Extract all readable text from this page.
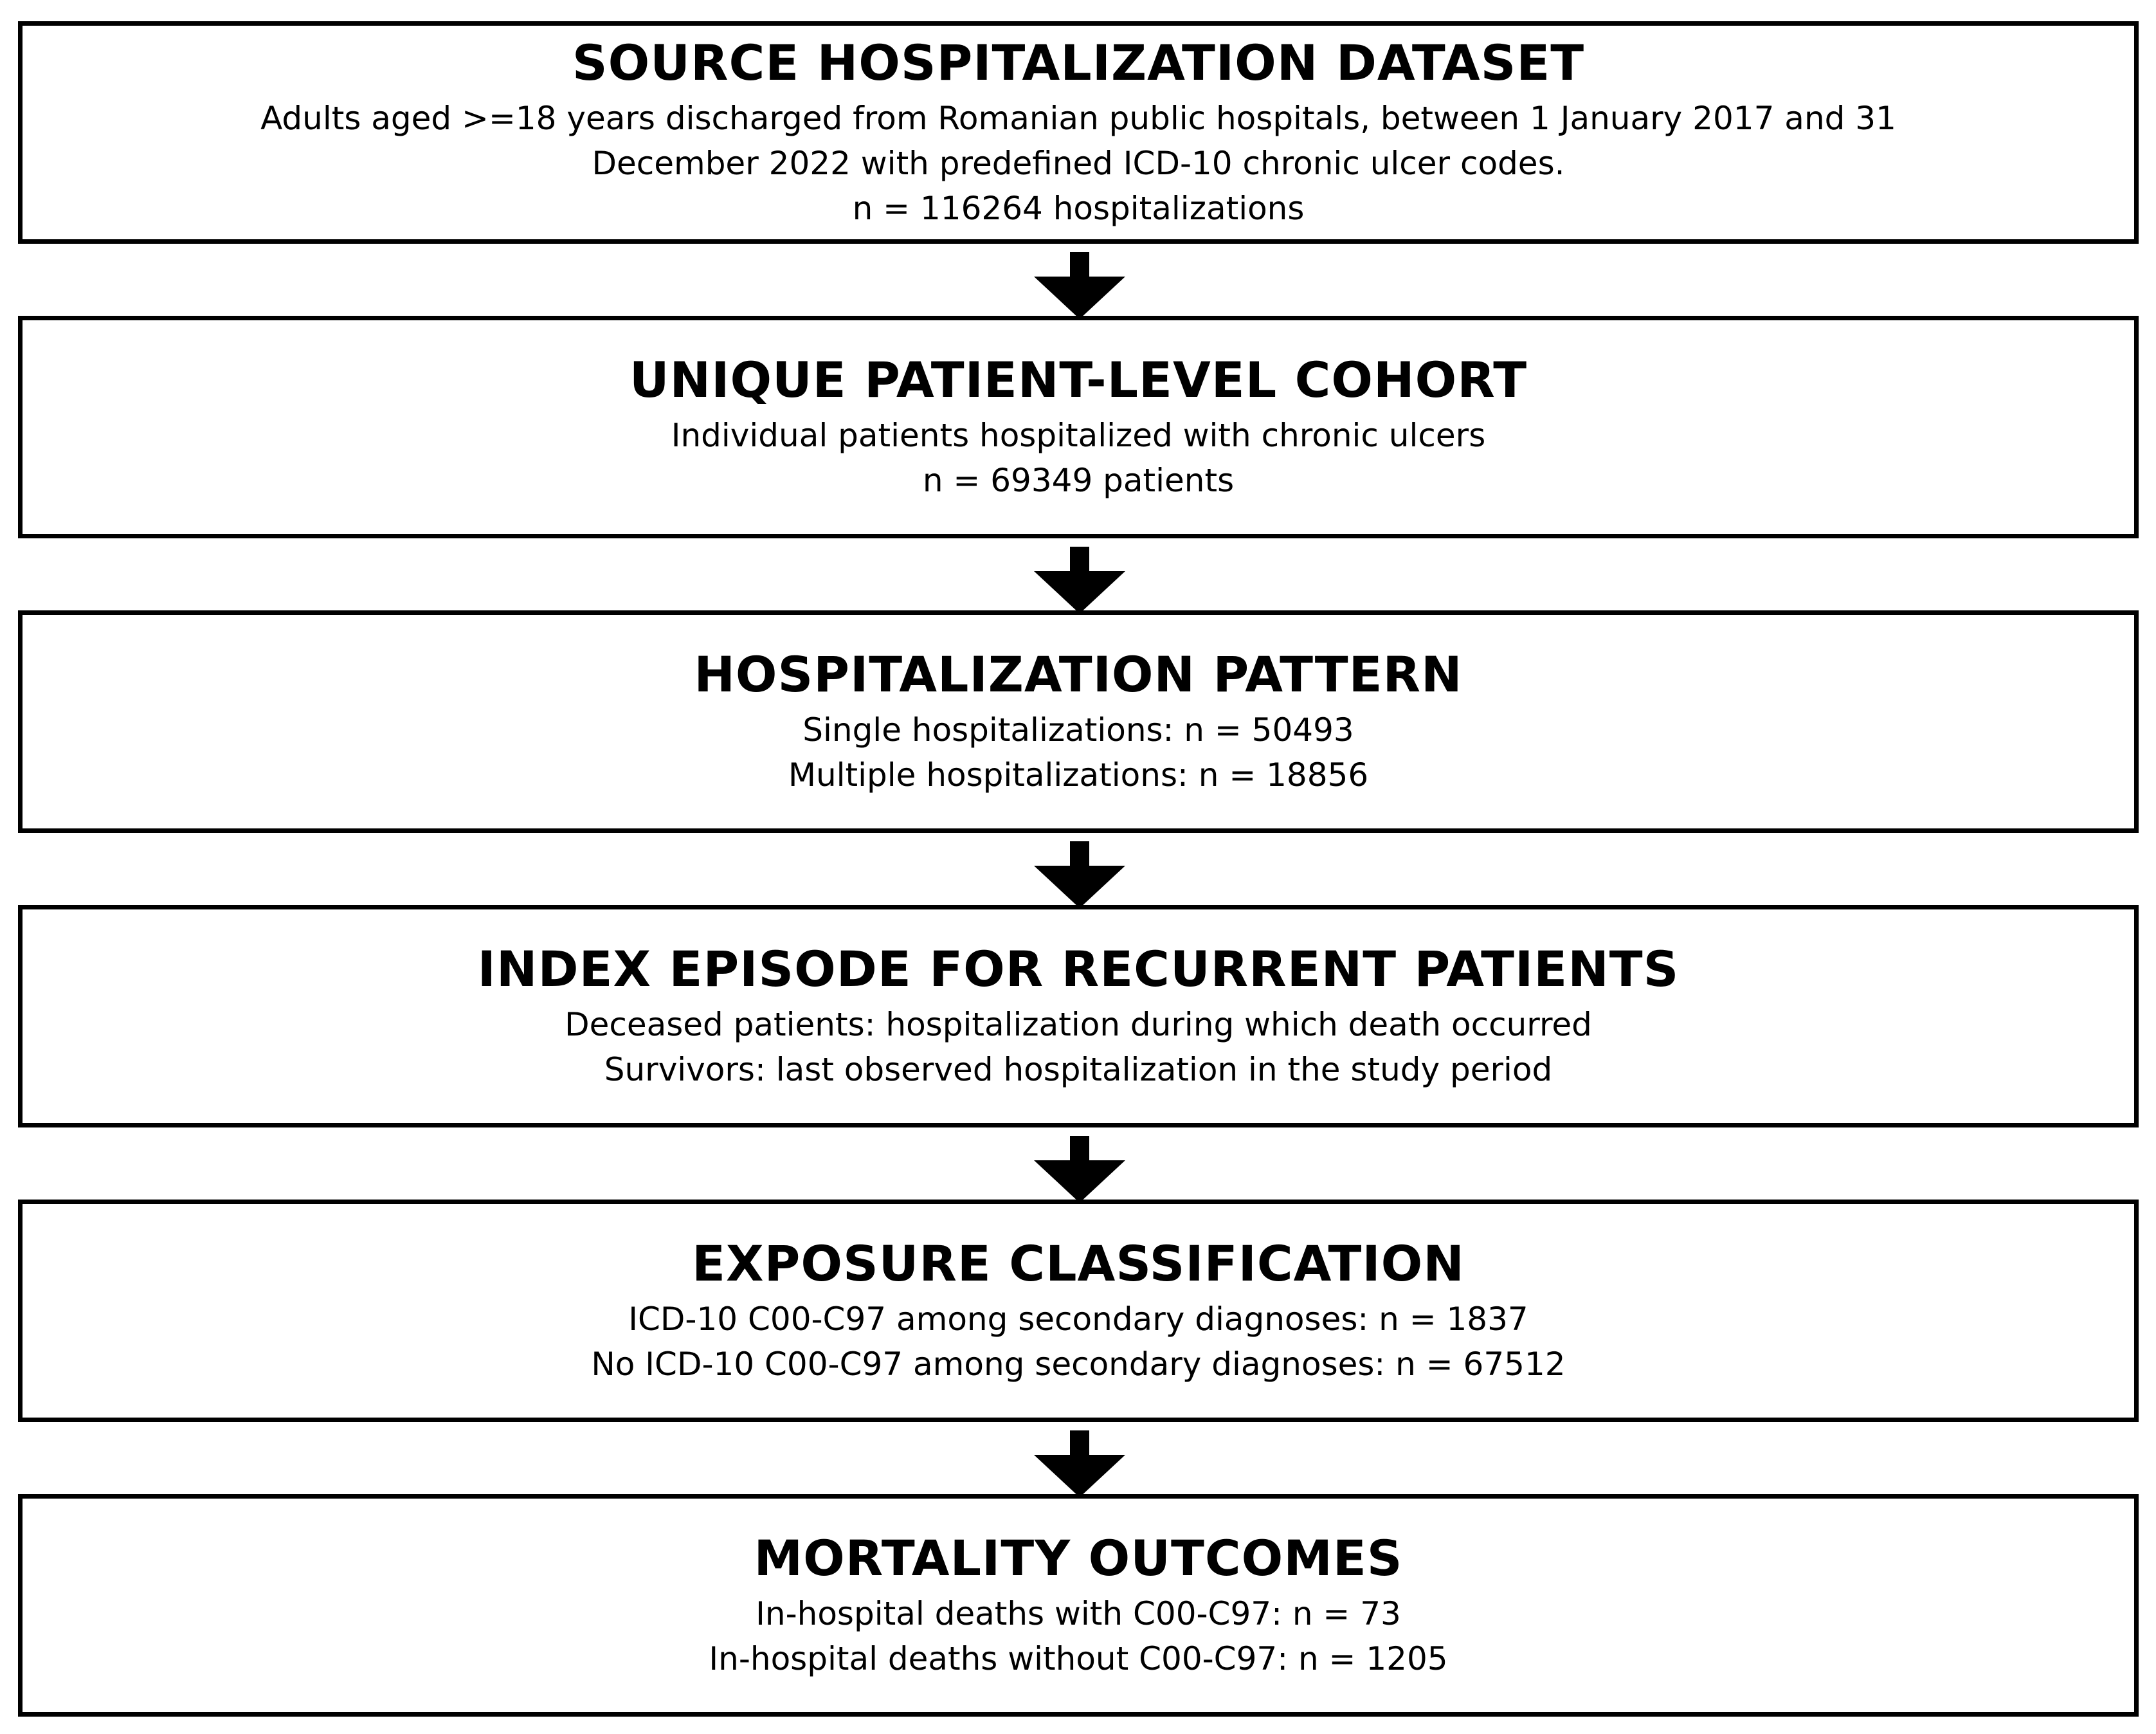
SOURCE HOSPITALIZATION DATASET
Adults aged >=18 years discharged from Romanian public hospitals, between 1 January 2017 and 31
December 2022 with predefined ICD-10 chronic ulcer codes.
n = 116264 hospitalizations
UNIQUE PATIENT-LEVEL COHORT
Individual patients hospitalized with chronic ulcers
n = 69349 patients
HOSPITALIZATION PATTERN
Single hospitalizations: n = 50493
Multiple hospitalizations: n = 18856
INDEX EPISODE FOR RECURRENT PATIENTS
Deceased patients: hospitalization during which death occurred
Survivors: last observed hospitalization in the study period
EXPOSURE CLASSIFICATION
ICD-10 C00-C97 among secondary diagnoses: n = 1837
No ICD-10 C00-C97 among secondary diagnoses: n = 67512
MORTALITY OUTCOMES
In-hospital deaths with C00-C97: n = 73
In-hospital deaths without C00-C97: n = 1205
